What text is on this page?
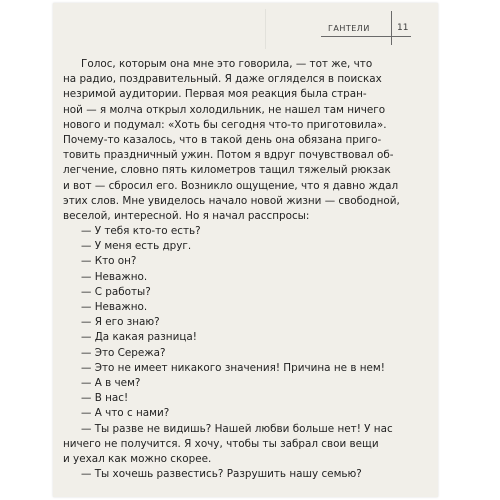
ГАНТЕЛИ	11
Голос, которым она мне это говорила, — тот же, что
на радио, поздравительный. Я даже огляделся в поисках
незримой аудитории. Первая моя реакция была стран-
ной — я молча открыл холодильник, не нашел там ничего
нового и подумал: «Хоть бы сегодня что-то приготовила».
Почему-то казалось, что в такой день она обязана приго-
товить праздничный ужин. Потом я вдруг почувствовал об-
легчение, словно пять километров тащил тяжелый рюкзак
и вот — сбросил его. Возникло ощущение, что я давно ждал
этих слов. Мне увиделось начало новой жизни — свободной,
веселой, интересной. Но я начал расспросы:
— У тебя кто-то есть?
— У меня есть друг.
— Кто он?
— Неважно.
— С работы?
— Неважно.
— Я его знаю?
— Да какая разница!
— Это Сережа?
— Это не имеет никакого значения! Причина не в нем!
— А в чем?
— В нас!
— А что с нами?
— Ты разве не видишь? Нашей любви больше нет! У нас
ничего не получится. Я хочу, чтобы ты забрал свои вещи
и уехал как можно скорее.
— Ты хочешь развестись? Разрушить нашу семью?
